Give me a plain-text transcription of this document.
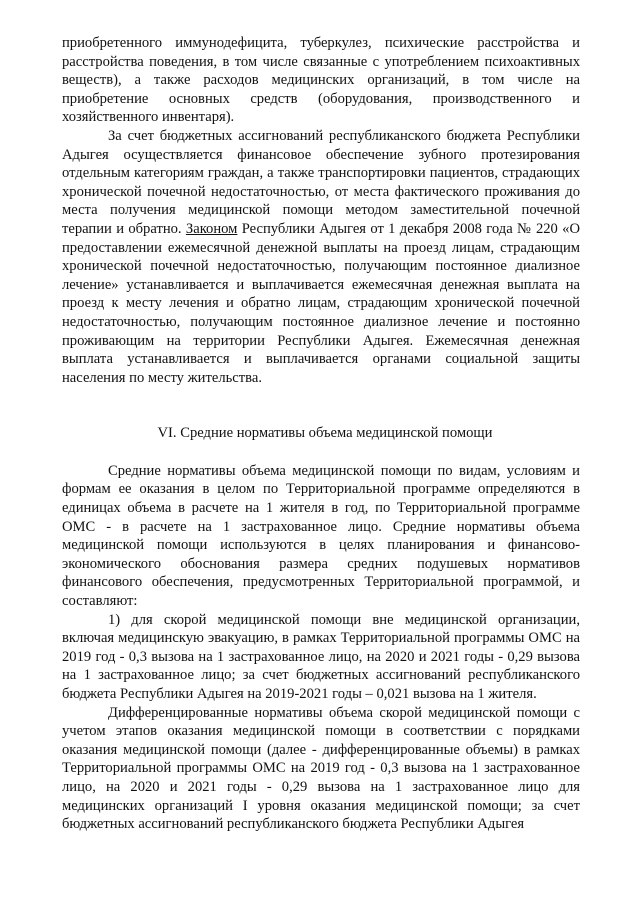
приобретенного иммунодефицита, туберкулез, психические расстройства и расстройства поведения, в том числе связанные с употреблением психоактивных веществ), а также расходов медицинских организаций, в том числе на приобретение основных средств (оборудования, производственного и хозяйственного инвентаря).

За счет бюджетных ассигнований республиканского бюджета Республики Адыгея осуществляется финансовое обеспечение зубного протезирования отдельным категориям граждан, а также транспортировки пациентов, страдающих хронической почечной недостаточностью, от места фактического проживания до места получения медицинской помощи методом заместительной почечной терапии и обратно. Законом Республики Адыгея от 1 декабря 2008 года № 220 «О предоставлении ежемесячной денежной выплаты на проезд лицам, страдающим хронической почечной недостаточностью, получающим постоянное диализное лечение» устанавливается и выплачивается ежемесячная денежная выплата на проезд к месту лечения и обратно лицам, страдающим хронической почечной недостаточностью, получающим постоянное диализное лечение и постоянно проживающим на территории Республики Адыгея. Ежемесячная денежная выплата устанавливается и выплачивается органами социальной защиты населения по месту жительства.

VI. Средние нормативы объема медицинской помощи

Средние нормативы объема медицинской помощи по видам, условиям и формам ее оказания в целом по Территориальной программе определяются в единицах объема в расчете на 1 жителя в год, по Территориальной программе ОМС - в расчете на 1 застрахованное лицо. Средние нормативы объема медицинской помощи используются в целях планирования и финансово-экономического обоснования размера средних подушевых нормативов финансового обеспечения, предусмотренных Территориальной программой, и составляют:

1) для скорой медицинской помощи вне медицинской организации, включая медицинскую эвакуацию, в рамках Территориальной программы ОМС на 2019 год - 0,3 вызова на 1 застрахованное лицо, на 2020 и 2021 годы - 0,29 вызова на 1 застрахованное лицо; за счет бюджетных ассигнований республиканского бюджета Республики Адыгея на 2019-2021 годы – 0,021 вызова на 1 жителя.

Дифференцированные нормативы объема скорой медицинской помощи с учетом этапов оказания медицинской помощи в соответствии с порядками оказания медицинской помощи (далее - дифференцированные объемы) в рамках Территориальной программы ОМС на 2019 год - 0,3 вызова на 1 застрахованное лицо, на 2020 и 2021 годы - 0,29 вызова на 1 застрахованное лицо для медицинских организаций I уровня оказания медицинской помощи; за счет бюджетных ассигнований республиканского бюджета Республики Адыгея
